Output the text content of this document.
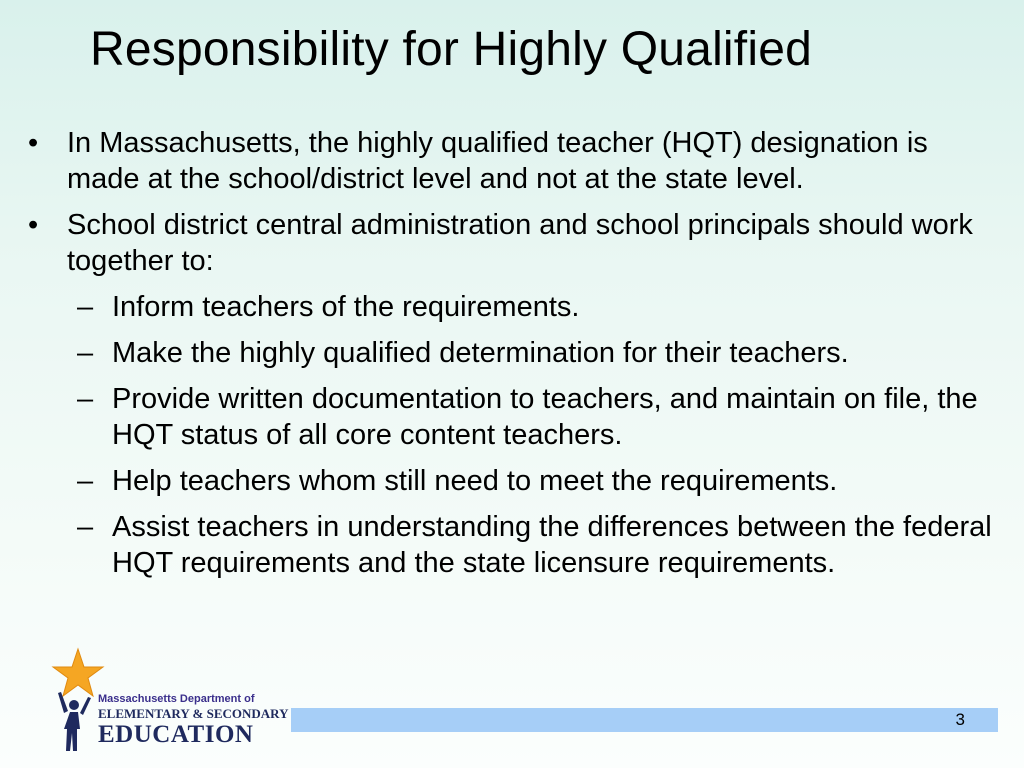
Responsibility for Highly Qualified
• In Massachusetts, the highly qualified teacher (HQT) designation is made at the school/district level and not at the state level.
• School district central administration and school principals should work together to:
– Inform teachers of the requirements.
– Make the highly qualified determination for their teachers.
– Provide written documentation to teachers, and maintain on file, the HQT status of all core content teachers.
– Help teachers whom still need to meet the requirements.
– Assist teachers in understanding the differences between the federal HQT requirements and the state licensure requirements.
Massachusetts Department of
ELEMENTARY & SECONDARY
EDUCATION
3
